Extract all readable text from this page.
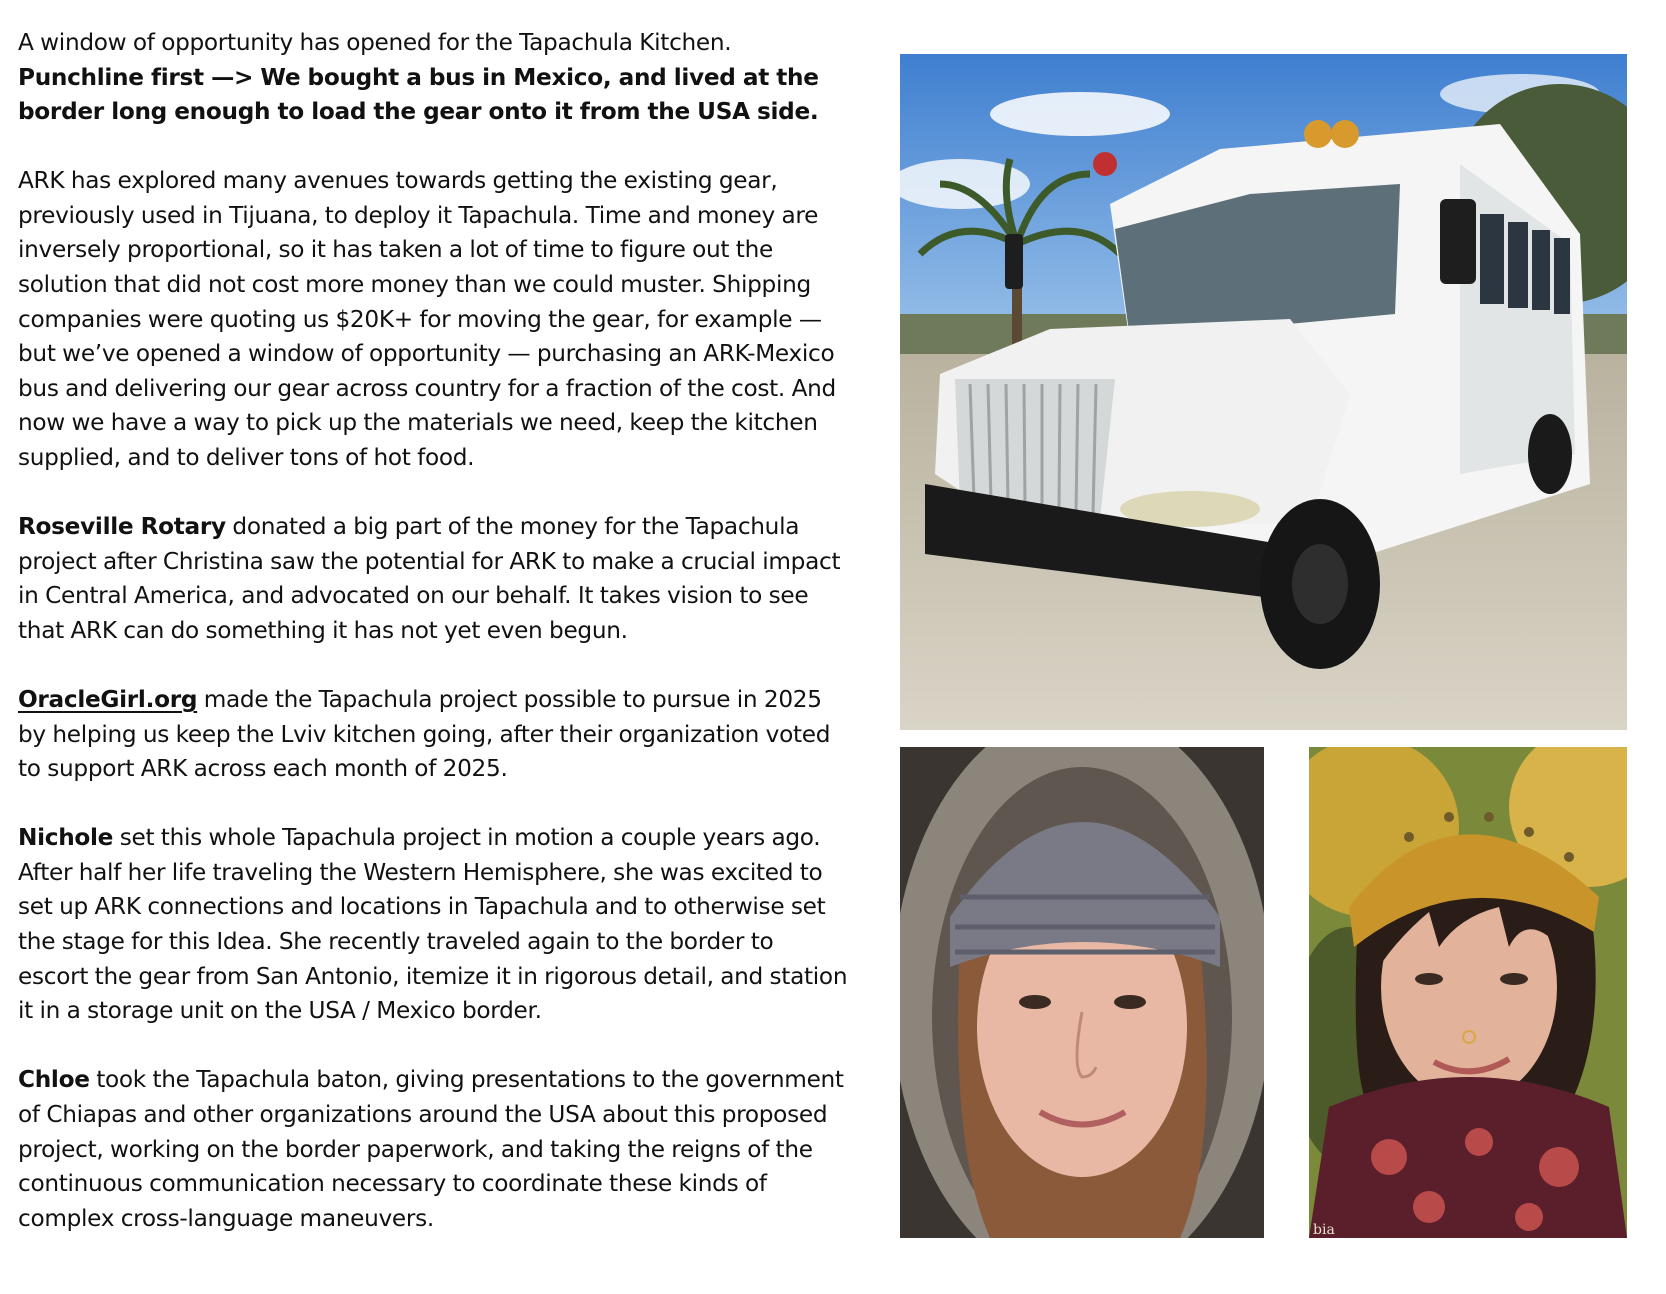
A window of opportunity has opened for the Tapachula Kitchen.
Punchline first —> We bought a bus in Mexico, and lived at the border long enough to load the gear onto it from the USA side.

ARK has explored many avenues towards getting the existing gear, previously used in Tijuana, to deploy it Tapachula. Time and money are inversely proportional, so it has taken a lot of time to figure out the solution that did not cost more money than we could muster. Shipping companies were quoting us $20K+ for moving the gear, for example — but we’ve opened a window of opportunity — purchasing an ARK-Mexico bus and delivering our gear across country for a fraction of the cost. And now we have a way to pick up the materials we need, keep the kitchen supplied, and to deliver tons of hot food.

Roseville Rotary donated a big part of the money for the Tapachula project after Christina saw the potential for ARK to make a crucial impact in Central America, and advocated on our behalf. It takes vision to see that ARK can do something it has not yet even begun.

OracleGirl.org made the Tapachula project possible to pursue in 2025 by helping us keep the Lviv kitchen going, after their organization voted to support ARK across each month of 2025.

Nichole set this whole Tapachula project in motion a couple years ago. After half her life traveling the Western Hemisphere, she was excited to set up ARK connections and locations in Tapachula and to otherwise set the stage for this Idea. She recently traveled again to the border to escort the gear from San Antonio, itemize it in rigorous detail, and station it in a storage unit on the USA / Mexico border.

Chloe took the Tapachula baton, giving presentations to the government of Chiapas and other organizations around the USA about this proposed project, working on the border paperwork, and taking the reigns of the continuous communication necessary to coordinate these kinds of complex cross-language maneuvers.	bia
